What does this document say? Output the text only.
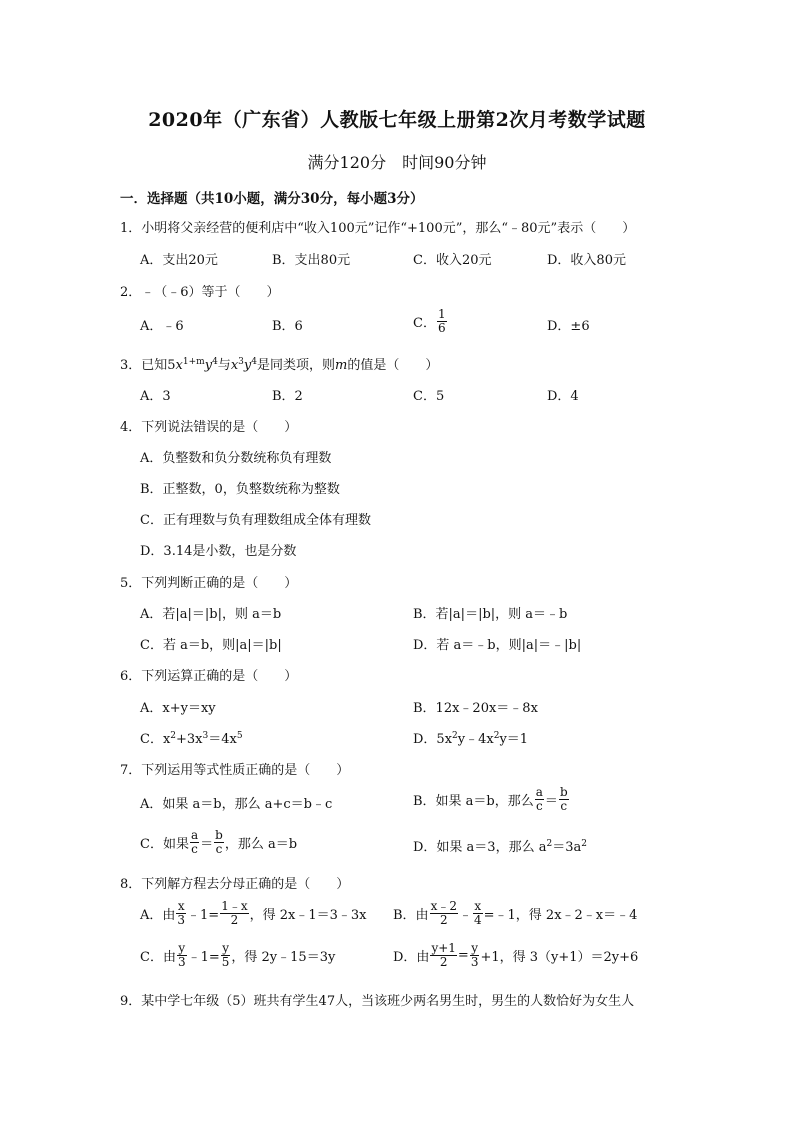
2020年（广东省）人教版七年级上册第2次月考数学试题
满分120分　时间90分钟
一．选择题（共10小题，满分30分，每小题3分）
1．小明将父亲经营的便利店中“收入100元”记作“+100元”，那么“﹣80元”表示（　　）
A．支出20元	B．支出80元	C．收入20元	D．收入80元
2．﹣（﹣6）等于（　　）
A．﹣6	B．6	C． $\frac{1}{6}$	D．±6
3．已知$5x^{1+m}y^4$与$x^3y^4$是同类项，则m的值是（　　）
A．3	B．2	C．5	D．4
4．下列说法错误的是（　　）
A．负整数和负分数统称负有理数
B．正整数，0，负整数统称为整数
C．正有理数与负有理数组成全体有理数
D．3.14是小数，也是分数
5．下列判断正确的是（　　）
A．若|a|＝|b|，则 a＝b	B．若|a|＝|b|，则 a＝﹣b
C．若 a＝b，则|a|＝|b|	D．若 a＝﹣b，则|a|＝﹣|b|
6．下列运算正确的是（　　）
A．x+y＝xy	B．12x﹣20x＝﹣8x
C．$x^2+3x^3=4x^5$	D．$5x^2y﹣4x^2y=1$
7．下列运用等式性质正确的是（　　）
A．如果 a＝b，那么 a+c＝b﹣c	B．如果 a＝b，那么 $\frac{a}{c} = \frac{b}{c}$
C．如果 $\frac{a}{c} = \frac{b}{c}$ ，那么 a＝b	D．如果 a＝3，那么 $a^2=3a^2$
8．下列解方程去分母正确的是（　　）
A．由 $\frac{x}{3}$ ﹣1= $\frac{1﹣x}{2}$ ，得 2x﹣1＝3﹣3x B．由 $\frac{x﹣2}{2}$ ﹣ $\frac{x}{4}$ =﹣1，得 2x﹣2﹣x＝﹣4
C．由 $\frac{y}{3}$ ﹣1= $\frac{y}{5}$ ，得 2y﹣15＝3y	D．由 $\frac{y+1}{2} = \frac{y}{3} +1$，得 3（y+1）＝2y+6
9．某中学七年级（5）班共有学生47人，当该班少两名男生时，男生的人数恰好为女生人
